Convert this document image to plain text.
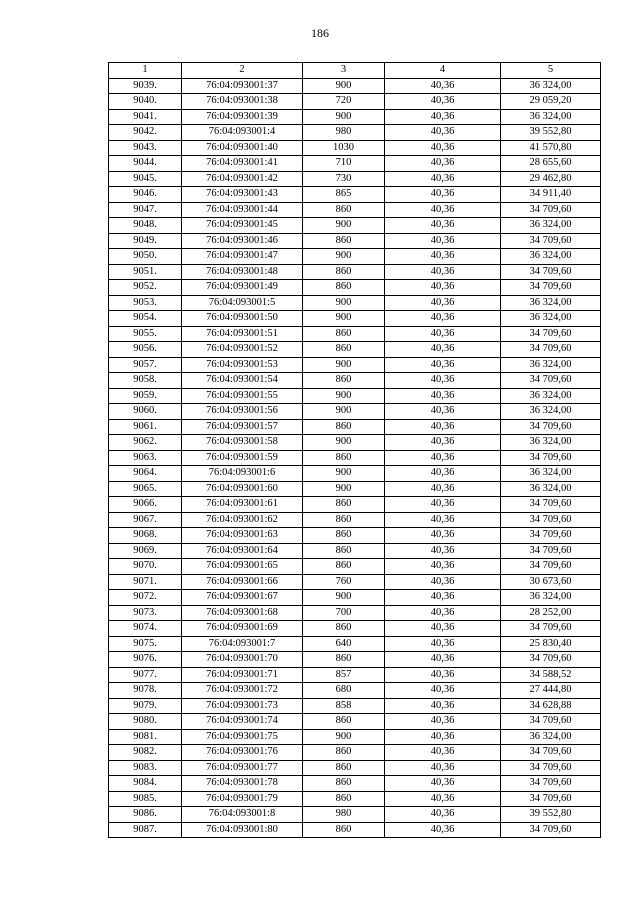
186
1	2	3	4	5
9039.	76:04:093001:37	900	40,36	36 324,00
9040.	76:04:093001:38	720	40,36	29 059,20
9041.	76:04:093001:39	900	40,36	36 324,00
9042.	76:04:093001:4	980	40,36	39 552,80
9043.	76:04:093001:40	1030	40,36	41 570,80
9044.	76:04:093001:41	710	40,36	28 655,60
9045.	76:04:093001:42	730	40,36	29 462,80
9046.	76:04:093001:43	865	40,36	34 911,40
9047.	76:04:093001:44	860	40,36	34 709,60
9048.	76:04:093001:45	900	40,36	36 324,00
9049.	76:04:093001:46	860	40,36	34 709,60
9050.	76:04:093001:47	900	40,36	36 324,00
9051.	76:04:093001:48	860	40,36	34 709,60
9052.	76:04:093001:49	860	40,36	34 709,60
9053.	76:04:093001:5	900	40,36	36 324,00
9054.	76:04:093001:50	900	40,36	36 324,00
9055.	76:04:093001:51	860	40,36	34 709,60
9056.	76:04:093001:52	860	40,36	34 709,60
9057.	76:04:093001:53	900	40,36	36 324,00
9058.	76:04:093001:54	860	40,36	34 709,60
9059.	76:04:093001:55	900	40,36	36 324,00
9060.	76:04:093001:56	900	40,36	36 324,00
9061.	76:04:093001:57	860	40,36	34 709,60
9062.	76:04:093001:58	900	40,36	36 324,00
9063.	76:04:093001:59	860	40,36	34 709,60
9064.	76:04:093001:6	900	40,36	36 324,00
9065.	76:04:093001:60	900	40,36	36 324,00
9066.	76:04:093001:61	860	40,36	34 709,60
9067.	76:04:093001:62	860	40,36	34 709,60
9068.	76:04:093001:63	860	40,36	34 709,60
9069.	76:04:093001:64	860	40,36	34 709,60
9070.	76:04:093001:65	860	40,36	34 709,60
9071.	76:04:093001:66	760	40,36	30 673,60
9072.	76:04:093001:67	900	40,36	36 324,00
9073.	76:04:093001:68	700	40,36	28 252,00
9074.	76:04:093001:69	860	40,36	34 709,60
9075.	76:04:093001:7	640	40,36	25 830,40
9076.	76:04:093001:70	860	40,36	34 709,60
9077.	76:04:093001:71	857	40,36	34 588,52
9078.	76:04:093001:72	680	40,36	27 444,80
9079.	76:04:093001:73	858	40,36	34 628,88
9080.	76:04:093001:74	860	40,36	34 709,60
9081.	76:04:093001:75	900	40,36	36 324,00
9082.	76:04:093001:76	860	40,36	34 709,60
9083.	76:04:093001:77	860	40,36	34 709,60
9084.	76:04:093001:78	860	40,36	34 709,60
9085.	76:04:093001:79	860	40,36	34 709,60
9086.	76:04:093001:8	980	40,36	39 552,80
9087.	76:04:093001:80	860	40,36	34 709,60
